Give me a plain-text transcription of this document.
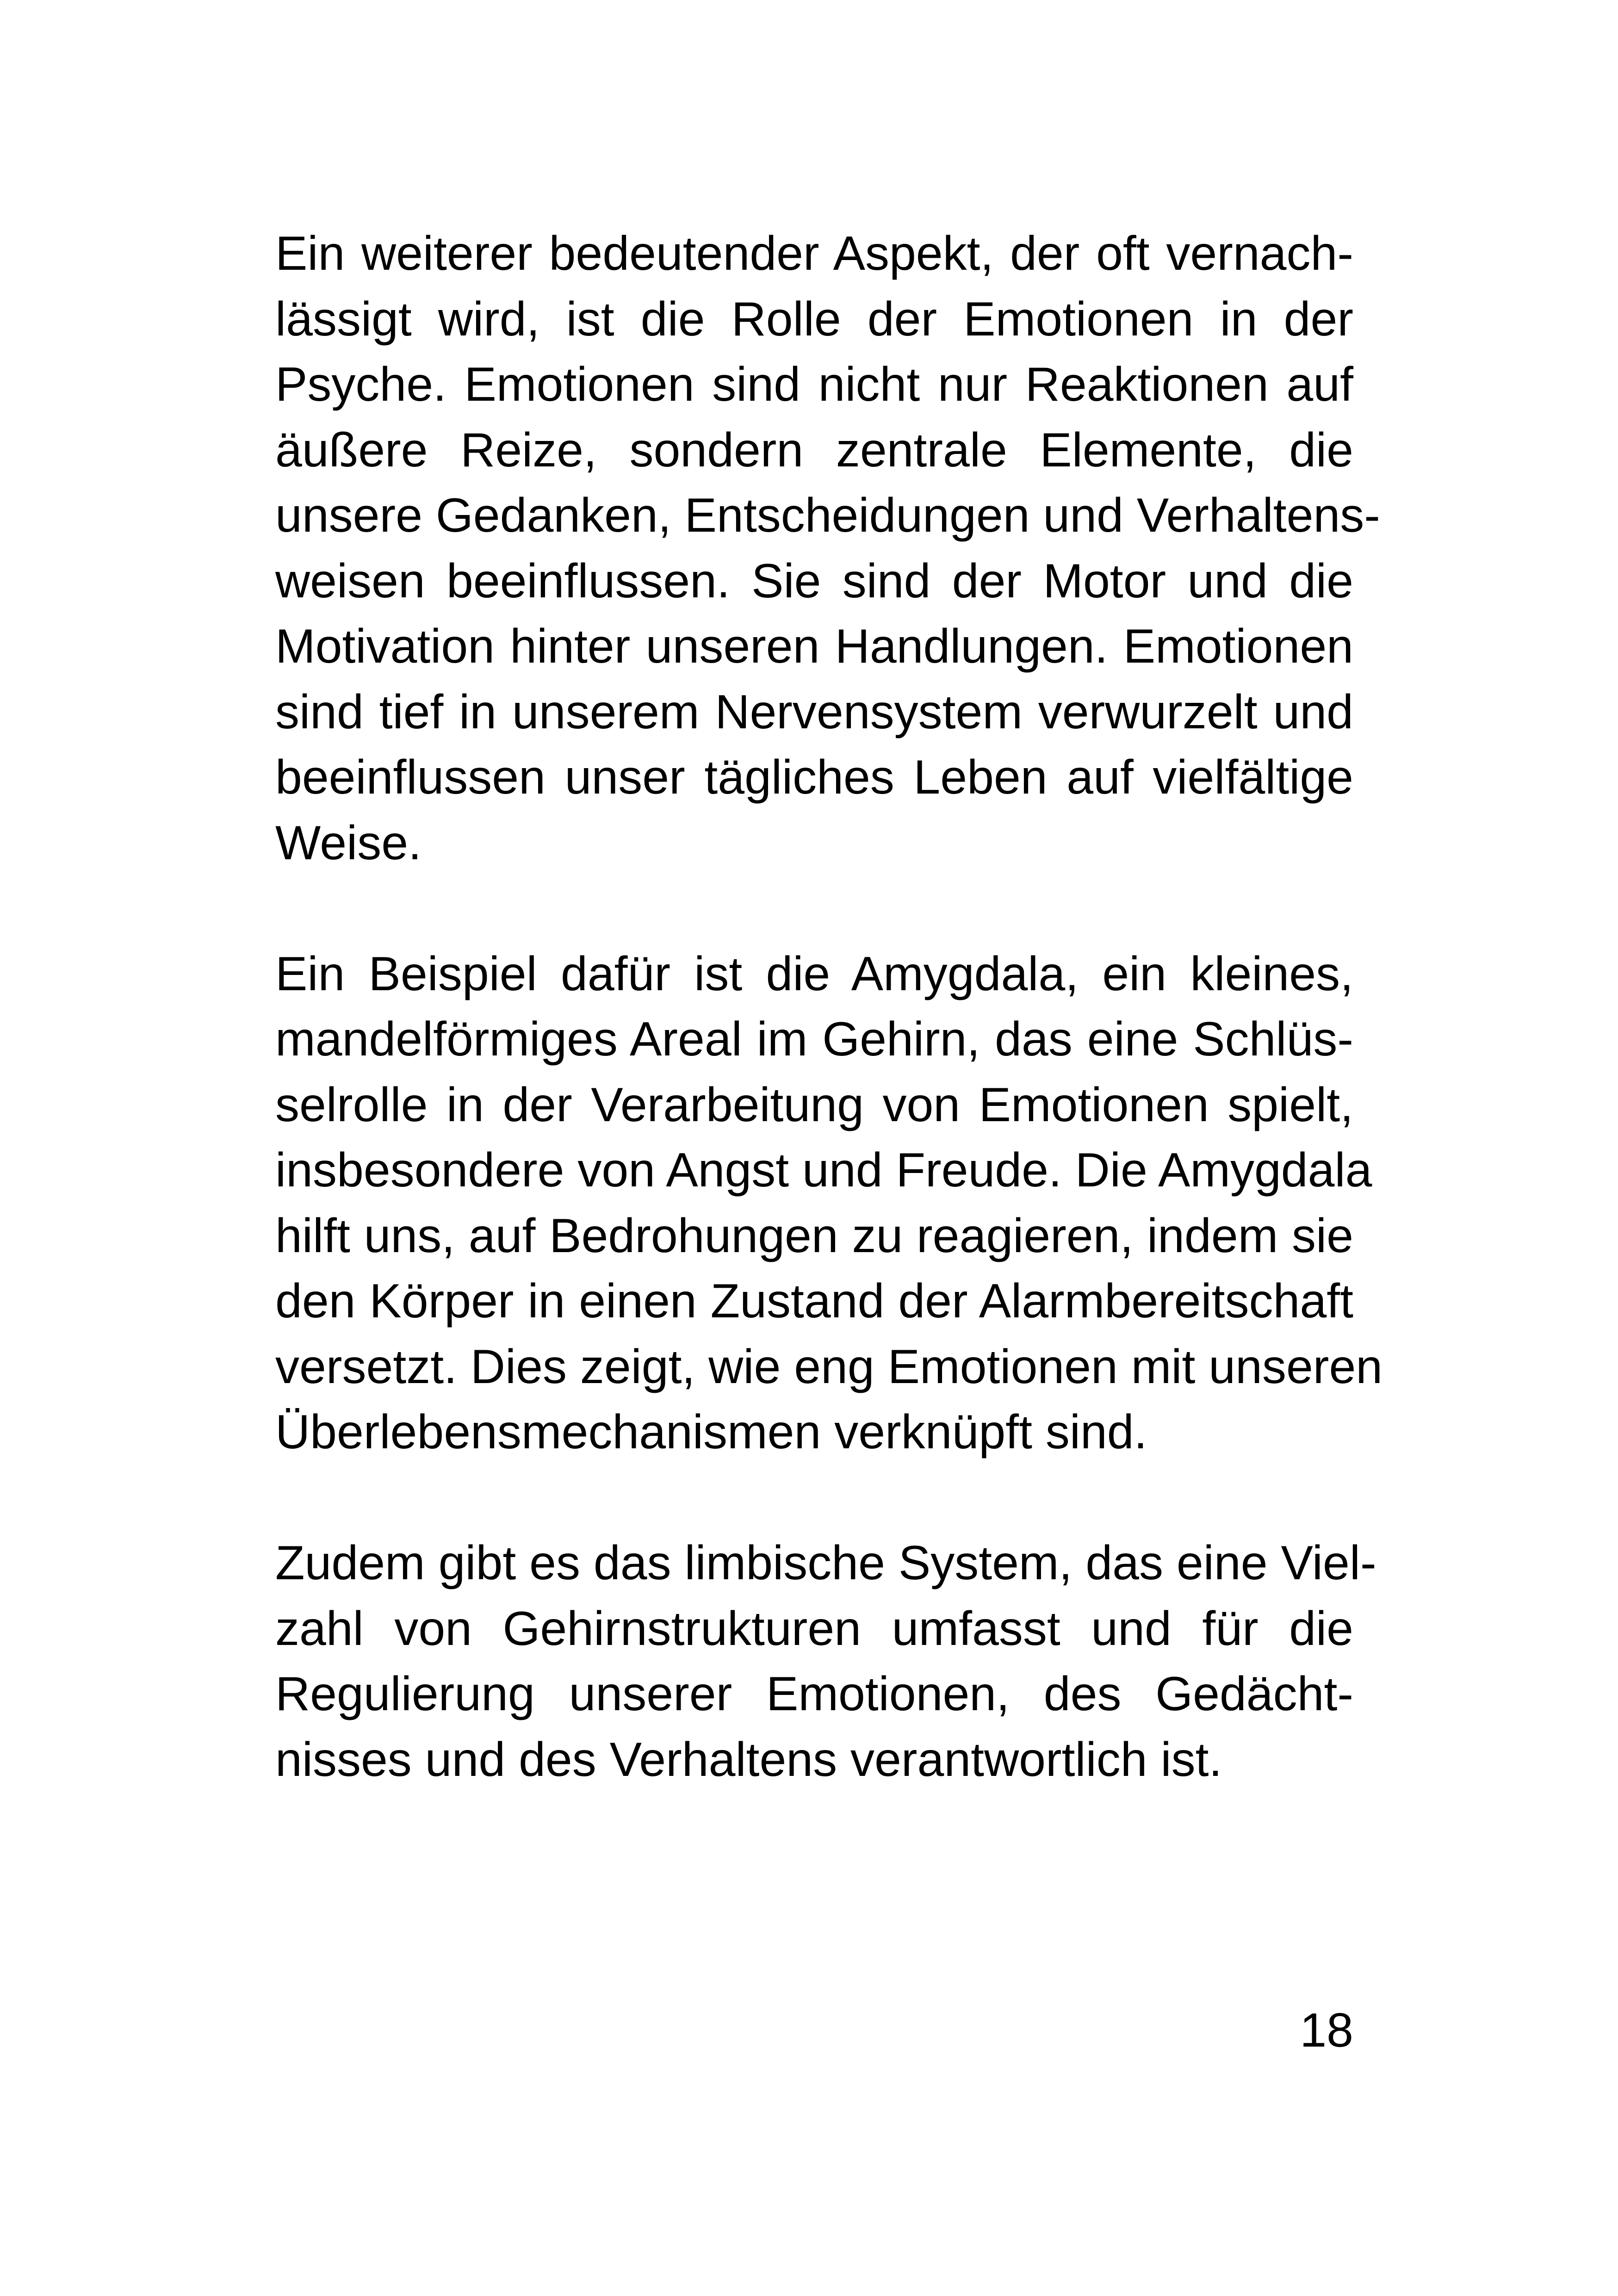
Ein weiterer bedeutender Aspekt, der oft vernach-
lässigt wird, ist die Rolle der Emotionen in der
Psyche. Emotionen sind nicht nur Reaktionen auf
äußere Reize, sondern zentrale Elemente, die
unsere Gedanken, Entscheidungen und Verhaltens-
weisen beeinflussen. Sie sind der Motor und die
Motivation hinter unseren Handlungen. Emotionen
sind tief in unserem Nervensystem verwurzelt und
beeinflussen unser tägliches Leben auf vielfältige
Weise.
Ein Beispiel dafür ist die Amygdala, ein kleines,
mandelförmiges Areal im Gehirn, das eine Schlüs-
selrolle in der Verarbeitung von Emotionen spielt,
insbesondere von Angst und Freude. Die Amygdala
hilft uns, auf Bedrohungen zu reagieren, indem sie
den Körper in einen Zustand der Alarmbereitschaft
versetzt. Dies zeigt, wie eng Emotionen mit unseren
Überlebensmechanismen verknüpft sind.
Zudem gibt es das limbische System, das eine Viel-
zahl von Gehirnstrukturen umfasst und für die
Regulierung unserer Emotionen, des Gedächt-
nisses und des Verhaltens verantwortlich ist.
18
